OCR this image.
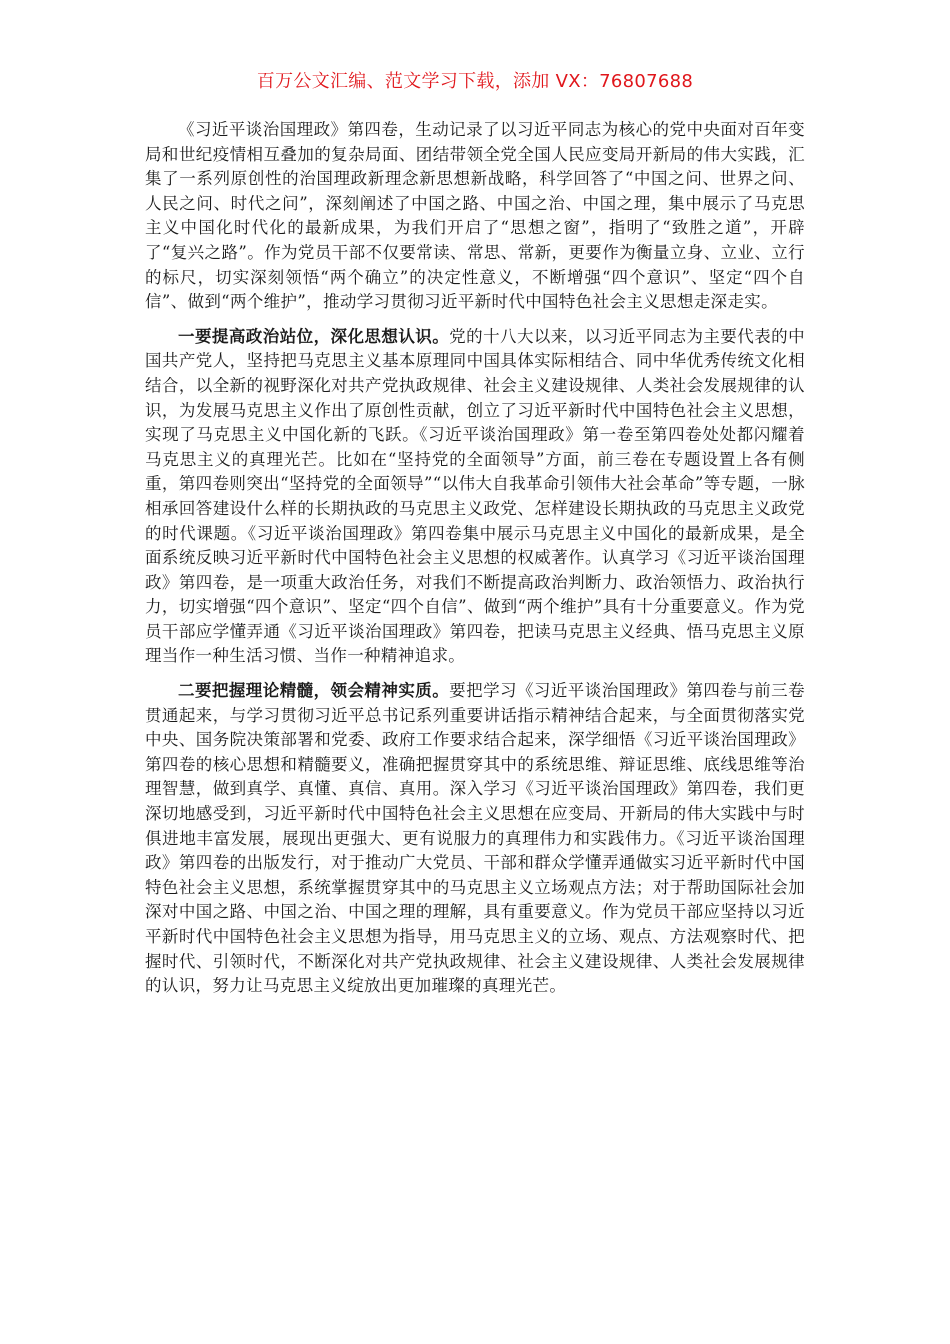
百万公文汇编、范文学习下载，添加 VX：76807688

《习近平谈治国理政》第四卷，生动记录了以习近平同志为核心的党中央面对百年变局和世纪疫情相互叠加的复杂局面、团结带领全党全国人民应变局开新局的伟大实践，汇集了一系列原创性的治国理政新理念新思想新战略，科学回答了“中国之问、世界之问、人民之问、时代之问”，深刻阐述了中国之路、中国之治、中国之理，集中展示了马克思主义中国化时代化的最新成果，为我们开启了“思想之窗”，指明了“致胜之道”，开辟了“复兴之路”。作为党员干部不仅要常读、常思、常新，更要作为衡量立身、立业、立行的标尺，切实深刻领悟“两个确立”的决定性意义，不断增强“四个意识”、坚定“四个自信”、做到“两个维护”，推动学习贯彻习近平新时代中国特色社会主义思想走深走实。

一要提高政治站位，深化思想认识。党的十八大以来，以习近平同志为主要代表的中国共产党人，坚持把马克思主义基本原理同中国具体实际相结合、同中华优秀传统文化相结合，以全新的视野深化对共产党执政规律、社会主义建设规律、人类社会发展规律的认识，为发展马克思主义作出了原创性贡献，创立了习近平新时代中国特色社会主义思想，实现了马克思主义中国化新的飞跃。《习近平谈治国理政》第一卷至第四卷处处都闪耀着马克思主义的真理光芒。比如在“坚持党的全面领导”方面，前三卷在专题设置上各有侧重，第四卷则突出“坚持党的全面领导”“以伟大自我革命引领伟大社会革命”等专题，一脉相承回答建设什么样的长期执政的马克思主义政党、怎样建设长期执政的马克思主义政党的时代课题。《习近平谈治国理政》第四卷集中展示马克思主义中国化的最新成果，是全面系统反映习近平新时代中国特色社会主义思想的权威著作。认真学习《习近平谈治国理政》第四卷，是一项重大政治任务，对我们不断提高政治判断力、政治领悟力、政治执行力，切实增强“四个意识”、坚定“四个自信”、做到“两个维护”具有十分重要意义。作为党员干部应学懂弄通《习近平谈治国理政》第四卷，把读马克思主义经典、悟马克思主义原理当作一种生活习惯、当作一种精神追求。

二要把握理论精髓，领会精神实质。要把学习《习近平谈治国理政》第四卷与前三卷贯通起来，与学习贯彻习近平总书记系列重要讲话指示精神结合起来，与全面贯彻落实党中央、国务院决策部署和党委、政府工作要求结合起来，深学细悟《习近平谈治国理政》第四卷的核心思想和精髓要义，准确把握贯穿其中的系统思维、辩证思维、底线思维等治理智慧，做到真学、真懂、真信、真用。深入学习《习近平谈治国理政》第四卷，我们更深切地感受到，习近平新时代中国特色社会主义思想在应变局、开新局的伟大实践中与时俱进地丰富发展，展现出更强大、更有说服力的真理伟力和实践伟力。《习近平谈治国理政》第四卷的出版发行，对于推动广大党员、干部和群众学懂弄通做实习近平新时代中国特色社会主义思想，系统掌握贯穿其中的马克思主义立场观点方法；对于帮助国际社会加深对中国之路、中国之治、中国之理的理解，具有重要意义。作为党员干部应坚持以习近平新时代中国特色社会主义思想为指导，用马克思主义的立场、观点、方法观察时代、把握时代、引领时代，不断深化对共产党执政规律、社会主义建设规律、人类社会发展规律的认识，努力让马克思主义绽放出更加璀璨的真理光芒。
